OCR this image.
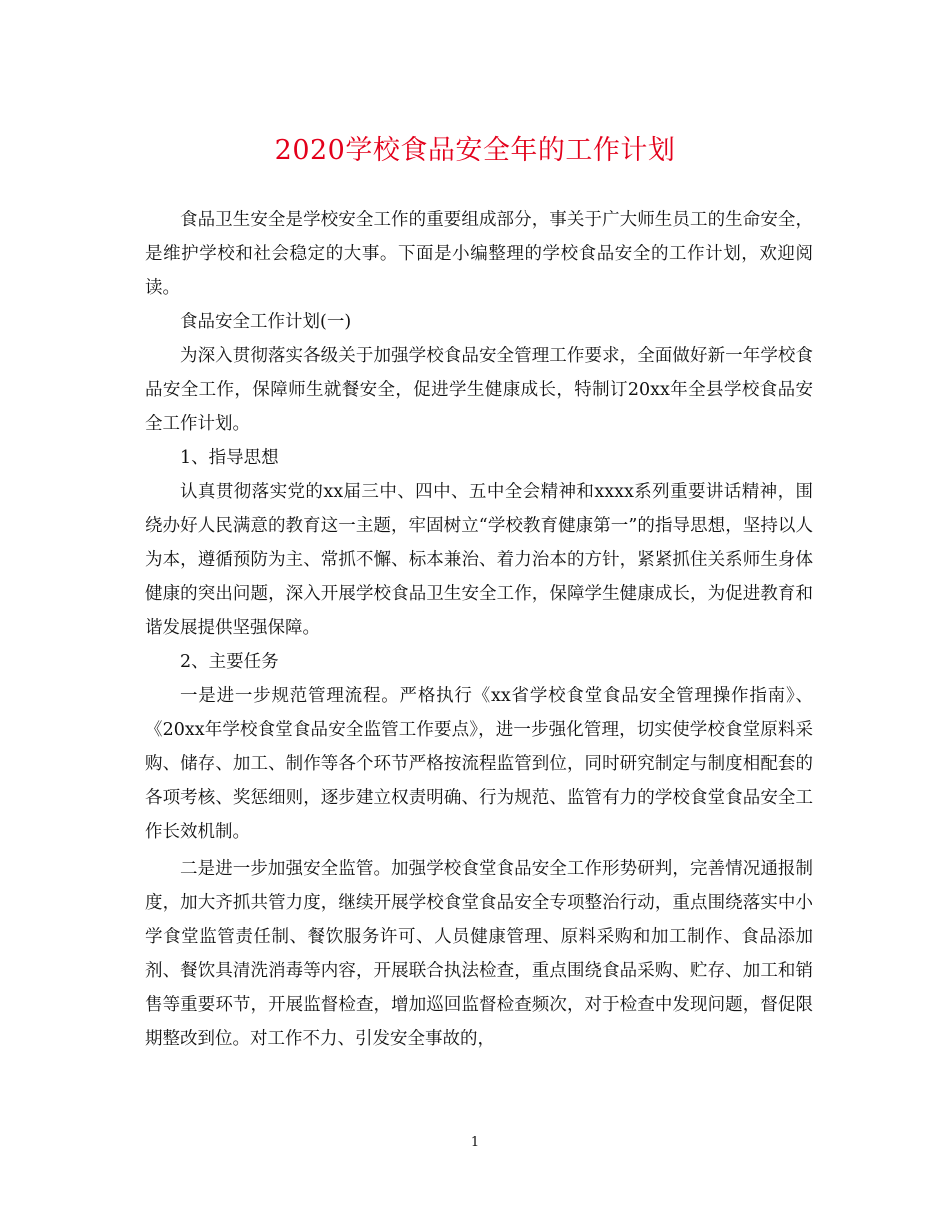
2020学校食品安全年的工作计划

食品卫生安全是学校安全工作的重要组成部分，事关于广大师生员工的生命安全，是维护学校和社会稳定的大事。下面是小编整理的学校食品安全的工作计划，欢迎阅读。

食品安全工作计划(一)

为深入贯彻落实各级关于加强学校食品安全管理工作要求，全面做好新一年学校食品安全工作，保障师生就餐安全，促进学生健康成长，特制订20xx年全县学校食品安全工作计划。

1、指导思想

认真贯彻落实党的xx届三中、四中、五中全会精神和xxxx系列重要讲话精神，围绕办好人民满意的教育这一主题，牢固树立“学校教育健康第一”的指导思想，坚持以人为本，遵循预防为主、常抓不懈、标本兼治、着力治本的方针，紧紧抓住关系师生身体健康的突出问题，深入开展学校食品卫生安全工作，保障学生健康成长，为促进教育和谐发展提供坚强保障。

2、主要任务

一是进一步规范管理流程。严格执行《xx省学校食堂食品安全管理操作指南》、《20xx年学校食堂食品安全监管工作要点》，进一步强化管理，切实使学校食堂原料采购、储存、加工、制作等各个环节严格按流程监管到位，同时研究制定与制度相配套的各项考核、奖惩细则，逐步建立权责明确、行为规范、监管有力的学校食堂食品安全工作长效机制。

二是进一步加强安全监管。加强学校食堂食品安全工作形势研判，完善情况通报制度，加大齐抓共管力度，继续开展学校食堂食品安全专项整治行动，重点围绕落实中小学食堂监管责任制、餐饮服务许可、人员健康管理、原料采购和加工制作、食品添加剂、餐饮具清洗消毒等内容，开展联合执法检查，重点围绕食品采购、贮存、加工和销售等重要环节，开展监督检查，增加巡回监督检查频次，对于检查中发现问题，督促限期整改到位。对工作不力、引发安全事故的，

1
